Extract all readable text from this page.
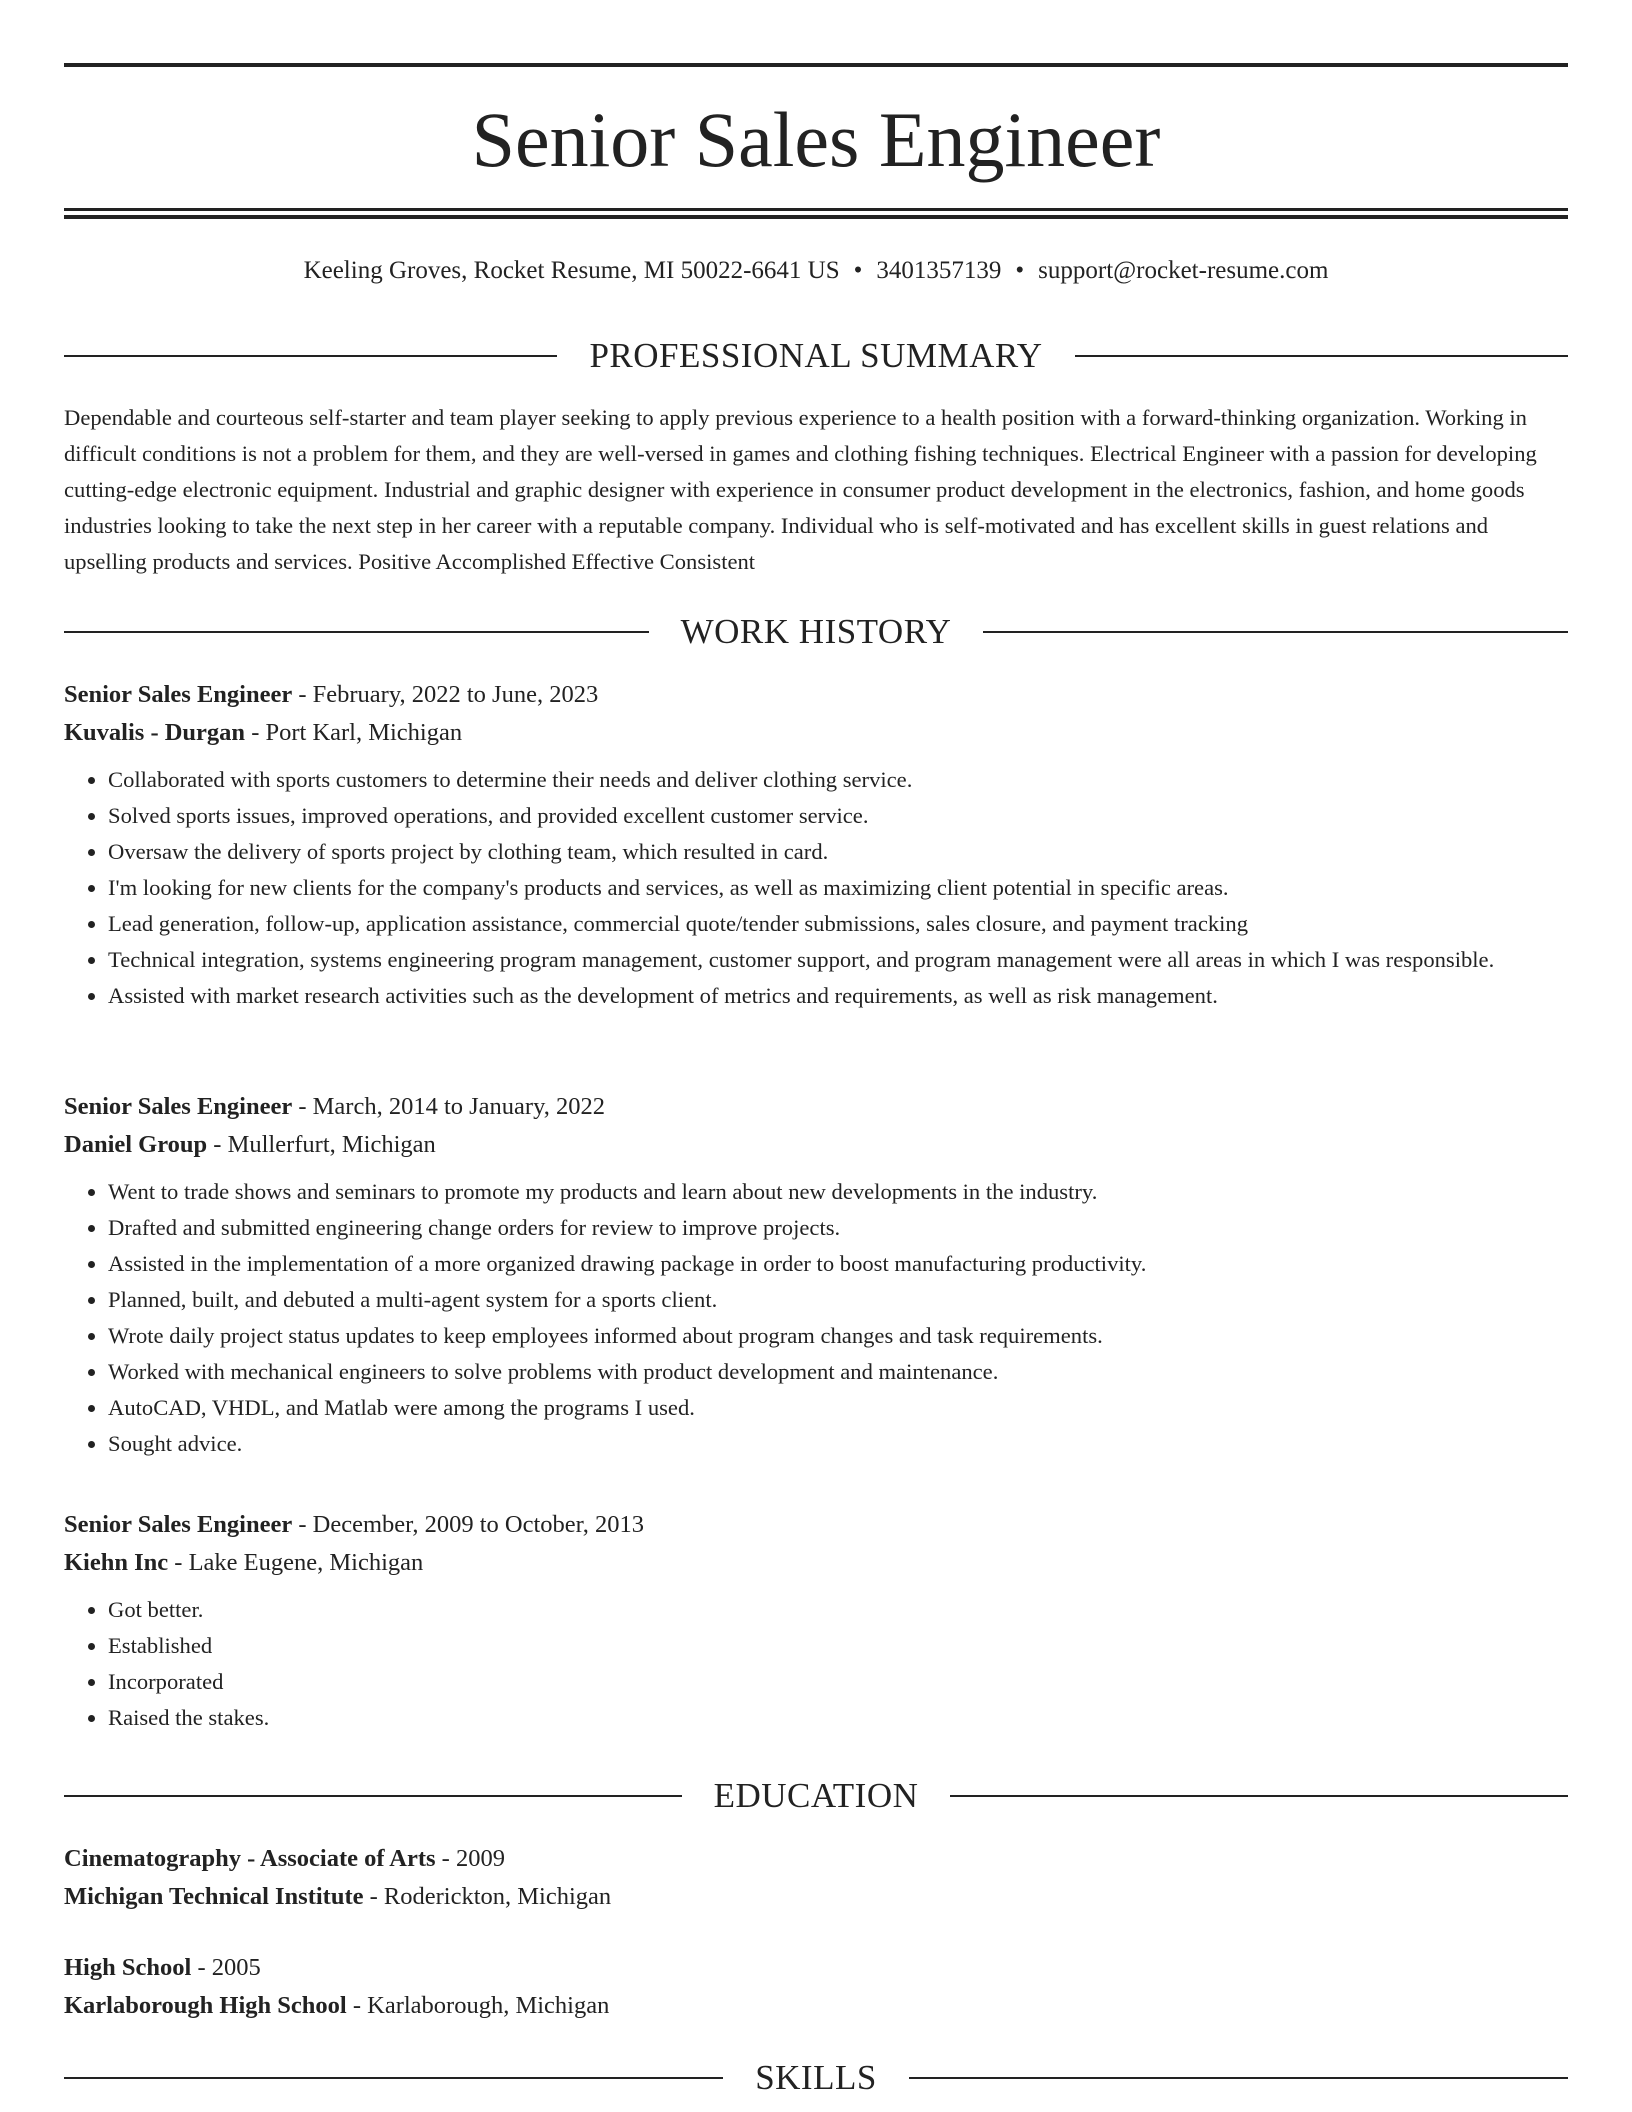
Senior Sales Engineer
Keeling Groves, Rocket Resume, MI 50022-6641 US • 3401357139 • support@rocket-resume.com
PROFESSIONAL SUMMARY

Dependable and courteous self-starter and team player seeking to apply previous experience to a health position with a forward-thinking organization. Working in difficult conditions is not a problem for them, and they are well-versed in games and clothing fishing techniques. Electrical Engineer with a passion for developing cutting-edge electronic equipment. Industrial and graphic designer with experience in consumer product development in the electronics, fashion, and home goods industries looking to take the next step in her career with a reputable company. Individual who is self-motivated and has excellent skills in guest relations and upselling products and services. Positive Accomplished Effective Consistent

WORK HISTORY
Senior Sales Engineer - February, 2022 to June, 2023
Kuvalis - Durgan - Port Karl, Michigan
• Collaborated with sports customers to determine their needs and deliver clothing service.
• Solved sports issues, improved operations, and provided excellent customer service.
• Oversaw the delivery of sports project by clothing team, which resulted in card.
• I'm looking for new clients for the company's products and services, as well as maximizing client potential in specific areas.
• Lead generation, follow-up, application assistance, commercial quote/tender submissions, sales closure, and payment tracking
• Technical integration, systems engineering program management, customer support, and program management were all areas in which I was responsible.
• Assisted with market research activities such as the development of metrics and requirements, as well as risk management.
Senior Sales Engineer - March, 2014 to January, 2022
Daniel Group - Mullerfurt, Michigan
• Went to trade shows and seminars to promote my products and learn about new developments in the industry.
• Drafted and submitted engineering change orders for review to improve projects.
• Assisted in the implementation of a more organized drawing package in order to boost manufacturing productivity.
• Planned, built, and debuted a multi-agent system for a sports client.
• Wrote daily project status updates to keep employees informed about program changes and task requirements.
• Worked with mechanical engineers to solve problems with product development and maintenance.
• AutoCAD, VHDL, and Matlab were among the programs I used.
• Sought advice.
Senior Sales Engineer - December, 2009 to October, 2013
Kiehn Inc - Lake Eugene, Michigan
• Got better.
• Established
• Incorporated
• Raised the stakes.
EDUCATION
Cinematography - Associate of Arts - 2009
Michigan Technical Institute - Roderickton, Michigan
High School - 2005
Karlaborough High School - Karlaborough, Michigan
SKILLS
